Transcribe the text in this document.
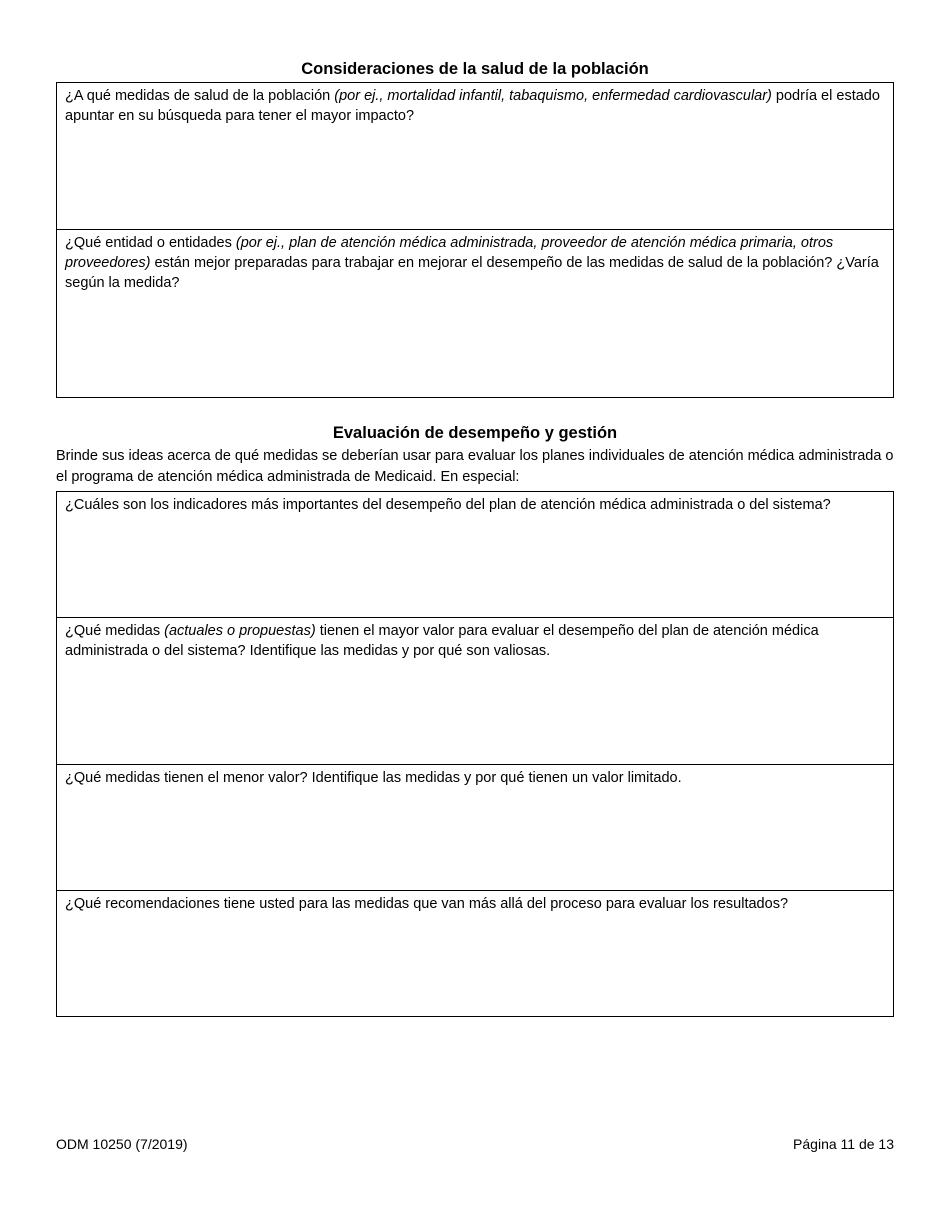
Consideraciones de la salud de la población
¿A qué medidas de salud de la población (por ej., mortalidad infantil, tabaquismo, enfermedad cardiovascular) podría el estado apuntar en su búsqueda para tener el mayor impacto?
¿Qué entidad o entidades (por ej., plan de atención médica administrada, proveedor de atención médica primaria, otros proveedores) están mejor preparadas para trabajar en mejorar el desempeño de las medidas de salud de la población? ¿Varía según la medida?
Evaluación de desempeño y gestión
Brinde sus ideas acerca de qué medidas se deberían usar para evaluar los planes individuales de atención médica administrada o el programa de atención médica administrada de Medicaid. En especial:
¿Cuáles son los indicadores más importantes del desempeño del plan de atención médica administrada o del sistema?
¿Qué medidas (actuales o propuestas) tienen el mayor valor para evaluar el desempeño del plan de atención médica administrada o del sistema? Identifique las medidas y por qué son valiosas.
¿Qué medidas tienen el menor valor? Identifique las medidas y por qué tienen un valor limitado.
¿Qué recomendaciones tiene usted para las medidas que van más allá del proceso para evaluar los resultados?
ODM 10250 (7/2019)	Página 11 de 13
